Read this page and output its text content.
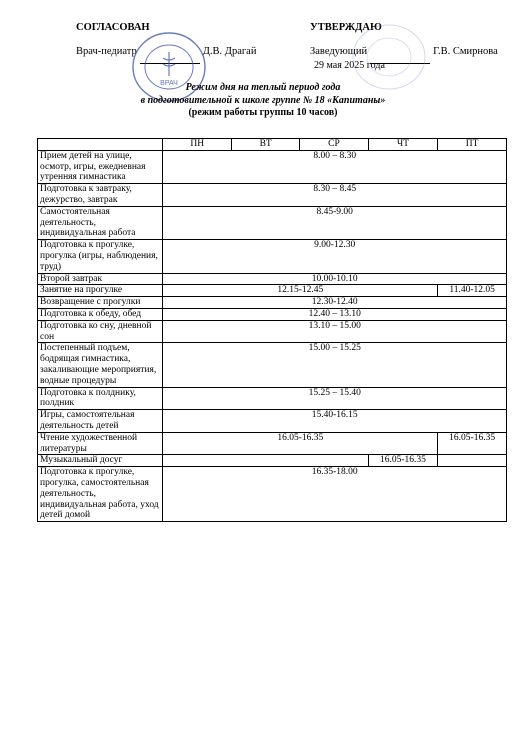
СОГЛАСОВАН
Врач-педиатр	Д.В. Драгай
УТВЕРЖДАЮ
Заведующий	Г.В. Смирнова
29 мая 2025 года
ВРАЧ Режим дня на теплый период года
в подготовительной к школе группе № 18 «Капитаны»
(режим работы группы 10 часов)
	ПН	ВТ	СР	ЧТ	ПТ
Прием детей на улице, осмотр, игры, ежедневная утренняя гимнастика	8.00 – 8.30				
Подготовка к завтраку, дежурство, завтрак	8.30 – 8.45				
Самостоятельная деятельность, индивидуальная работа	8.45-9.00				
Подготовка к прогулке, прогулка (игры, наблюдения, труд)	9.00-12.30				
Второй завтрак	10.00-10.10				
Занятие на прогулке	12.15-12.45				11.40-12.05
Возвращение с прогулки	12.30-12.40				
Подготовка к обеду, обед	12.40 – 13.10				
Подготовка ко сну, дневной сон	13.10 – 15.00				
Постепенный подъем, бодрящая гимнастика, закаливающие мероприятия, водные процедуры	15.00 – 15.25				
Подготовка к полднику, полдник	15.25 – 15.40				
Игры, самостоятельная деятельность детей	15.40-16.15				
Чтение художественной литературы	16.05-16.35				16.05-16.35
Музыкальный досуг				16.05-16.35	
Подготовка к прогулке, прогулка, самостоятельная деятельность, индивидуальная работа, уход детей домой	16.35-18.00				
